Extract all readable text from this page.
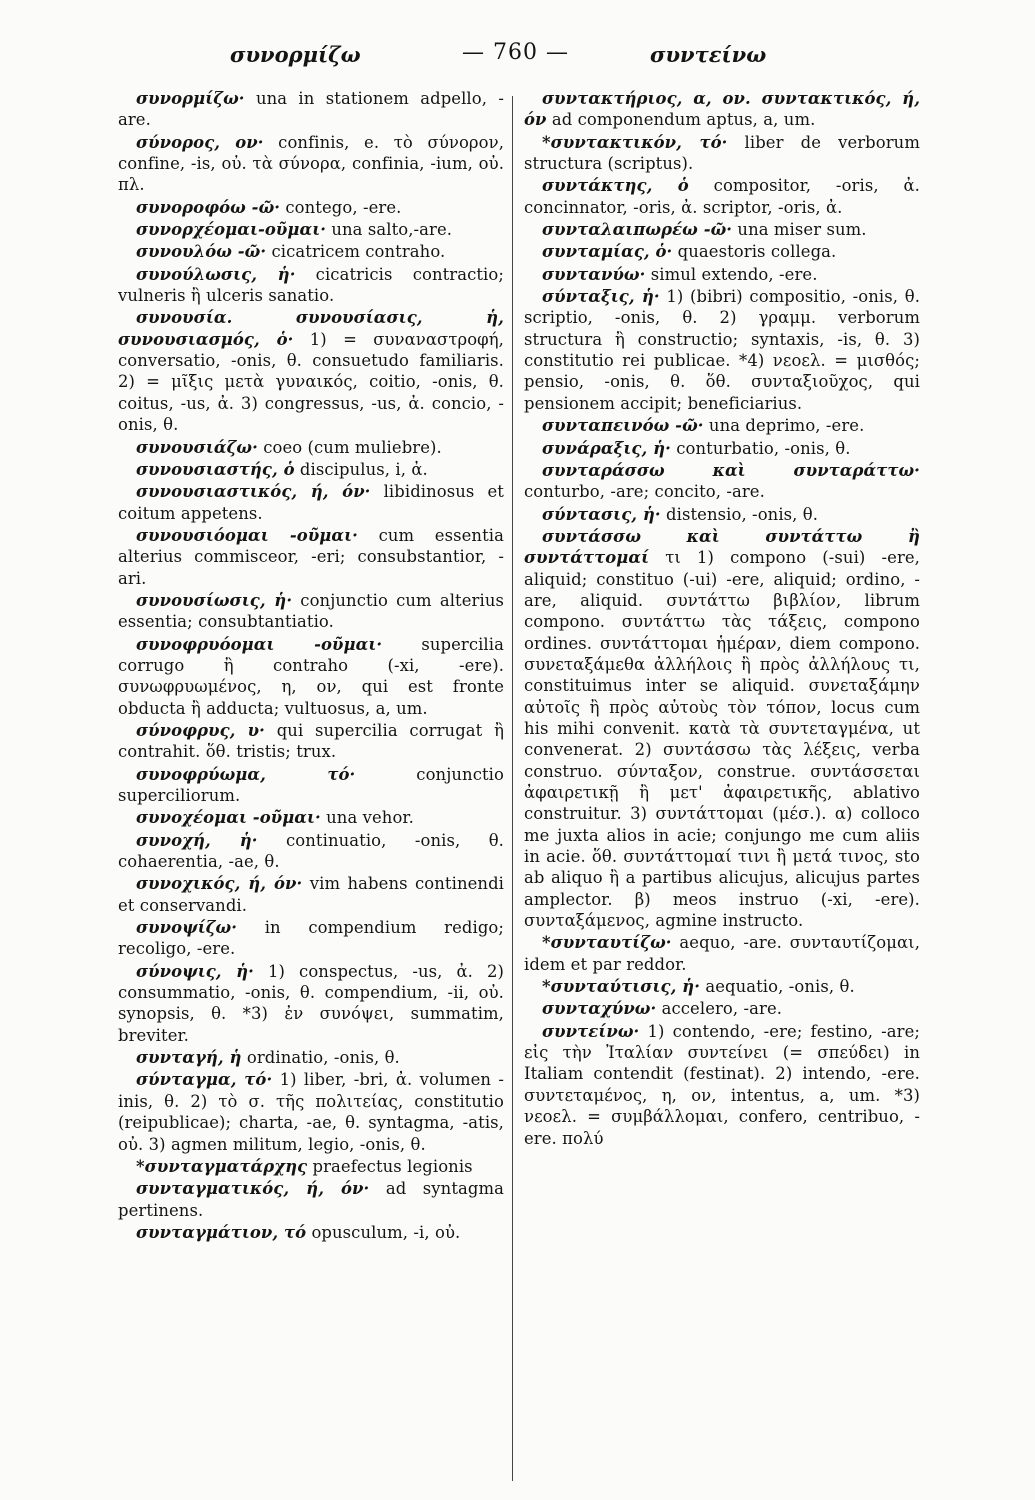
συνορμίζω	— 760 —	συντείνω

συνορμίζω· una in stationem adpello, -are.

σύνορος, ον· confinis, e. τὸ σύνορον, confine, -is, οὐ. τὰ σύνορα, confinia, -ium, οὐ. πλ.

συνοροφόω -ῶ· contego, -ere.

συνορχέομαι-οῦμαι· una salto,-are.

συνουλόω -ῶ· cicatricem contraho.

συνούλωσις, ἡ· cicatricis contractio; vulneris ἢ ulceris sanatio.

συνουσία. συνουσίασις, ἡ, συνουσιασμός, ὁ· 1) = συναναστροφή, conversatio, -onis, θ. consuetudo familiaris. 2) = μῖξις μετὰ γυναικός, coitio, -onis, θ. coitus, -us, ἀ. 3) congressus, -us, ἀ. concio, -onis, θ.

συνουσιάζω· coeo (cum muliebre).

συνουσιαστής, ὁ discipulus, i, ἀ.

συνουσιαστικός, ή, όν· libidinosus et coitum appetens.

συνουσιόομαι -οῦμαι· cum essentia alterius commisceor, -eri; consubstantior, -ari.

συνουσίωσις, ἡ· conjunctio cum alterius essentia; consubtantiatio.

συνοφρυόομαι -οῦμαι· supercilia corrugo ἢ contraho (-xi, -ere). συνωφρυωμένος, η, ον, qui est fronte obducta ἢ adducta; vultuosus, a, um.

σύνοφρυς, υ· qui supercilia corrugat ἢ contrahit. ὅθ. tristis; trux.

συνοφρύωμα, τό· conjunctio superciliorum.

συνοχέομαι -οῦμαι· una vehor.

συνοχή, ἡ· continuatio, -onis, θ. cohaerentia, -ae, θ.

συνοχικός, ή, όν· vim habens continendi et conservandi.

συνοψίζω· in compendium redigo; recoligo, -ere.

σύνοψις, ἡ· 1) conspectus, -us, ἀ. 2) consummatio, -onis, θ. compendium, -ii, οὐ. synopsis, θ. *3) ἐν συνόψει, summatim, breviter.

συνταγή, ἡ ordinatio, -onis, θ.

σύνταγμα, τό· 1) liber, -bri, ἀ. volumen -inis, θ. 2) τὸ σ. τῆς πολιτείας, constitutio (reipublicae); charta, -ae, θ. syntagma, -atis, οὐ. 3) agmen militum, legio, -onis, θ.

*συνταγματάρχης praefectus legionis

συνταγματικός, ή, όν· ad syntagma pertinens.

συνταγμάτιον, τό opusculum, -i, οὐ.

συντακτήριος, α, ον. συντακτικός, ή, όν ad componendum aptus, a, um.

*συντακτικόν, τό· liber de verborum structura (scriptus).

συντάκτης, ὁ compositor, -oris, ἀ. concinnator, -oris, ἀ. scriptor, -oris, ἀ.

συνταλαιπωρέω -ῶ· una miser sum.

συνταμίας, ὁ· quaestoris collega.

συντανύω· simul extendo, -ere.

σύνταξις, ἡ· 1) (bibri) compositio, -onis, θ. scriptio, -onis, θ. 2) γραμμ. verborum structura ἢ constructio; syntaxis, -is, θ. 3) constitutio rei publicae. *4) νεοελ. = μισθός; pensio, -onis, θ. ὅθ. συνταξιοῦχος, qui pensionem accipit; beneficiarius.

συνταπεινόω -ῶ· una deprimo, -ere.

συνάραξις, ἡ· conturbatio, -onis, θ.

συνταράσσω καὶ συνταράττω· conturbo, -are; concito, -are.

σύντασις, ἡ· distensio, -onis, θ.

συντάσσω καὶ συντάττω ἢ συντάττομαί τι 1) compono (-sui) -ere, aliquid; constituo (-ui) -ere, aliquid; ordino, -are, aliquid. συντάττω βιβλίον, librum compono. συντάττω τὰς τάξεις, compono ordines. συντάττομαι ἡμέραν, diem compono. συνεταξάμεθα ἀλλήλοις ἢ πρὸς ἀλλήλους τι, constituimus inter se aliquid. συνεταξάμην αὐτοῖς ἢ πρὸς αὐτοὺς τὸν τόπον, locus cum his mihi convenit. κατὰ τὰ συντεταγμένα, ut convenerat. 2) συντάσσω τὰς λέξεις, verba construo. σύνταξον, construe. συντάσσεται ἀφαιρετικῇ ἢ μετ' ἀφαιρετικῆς, ablativo construitur. 3) συντάττομαι (μέσ.). α) colloco me juxta alios in acie; conjungo me cum aliis in acie. ὅθ. συντάττομαί τινι ἢ μετά τινος, sto ab aliquo ἢ a partibus alicujus, alicujus partes amplector. β) meos instruo (-xi, -ere). συνταξάμενος, agmine instructo.

*συνταυτίζω· aequo, -are. συνταυτίζομαι, idem et par reddor.

*συνταύτισις, ἡ· aequatio, -onis, θ.

συνταχύνω· accelero, -are.

συντείνω· 1) contendo, -ere; festino, -are; εἰς τὴν Ἰταλίαν συντείνει (= σπεύδει) in Italiam contendit (festinat). 2) intendo, -ere. συντεταμένος, η, ον, intentus, a, um. *3) νεοελ. = συμβάλλομαι, confero, centribuo, -ere. πολύ
